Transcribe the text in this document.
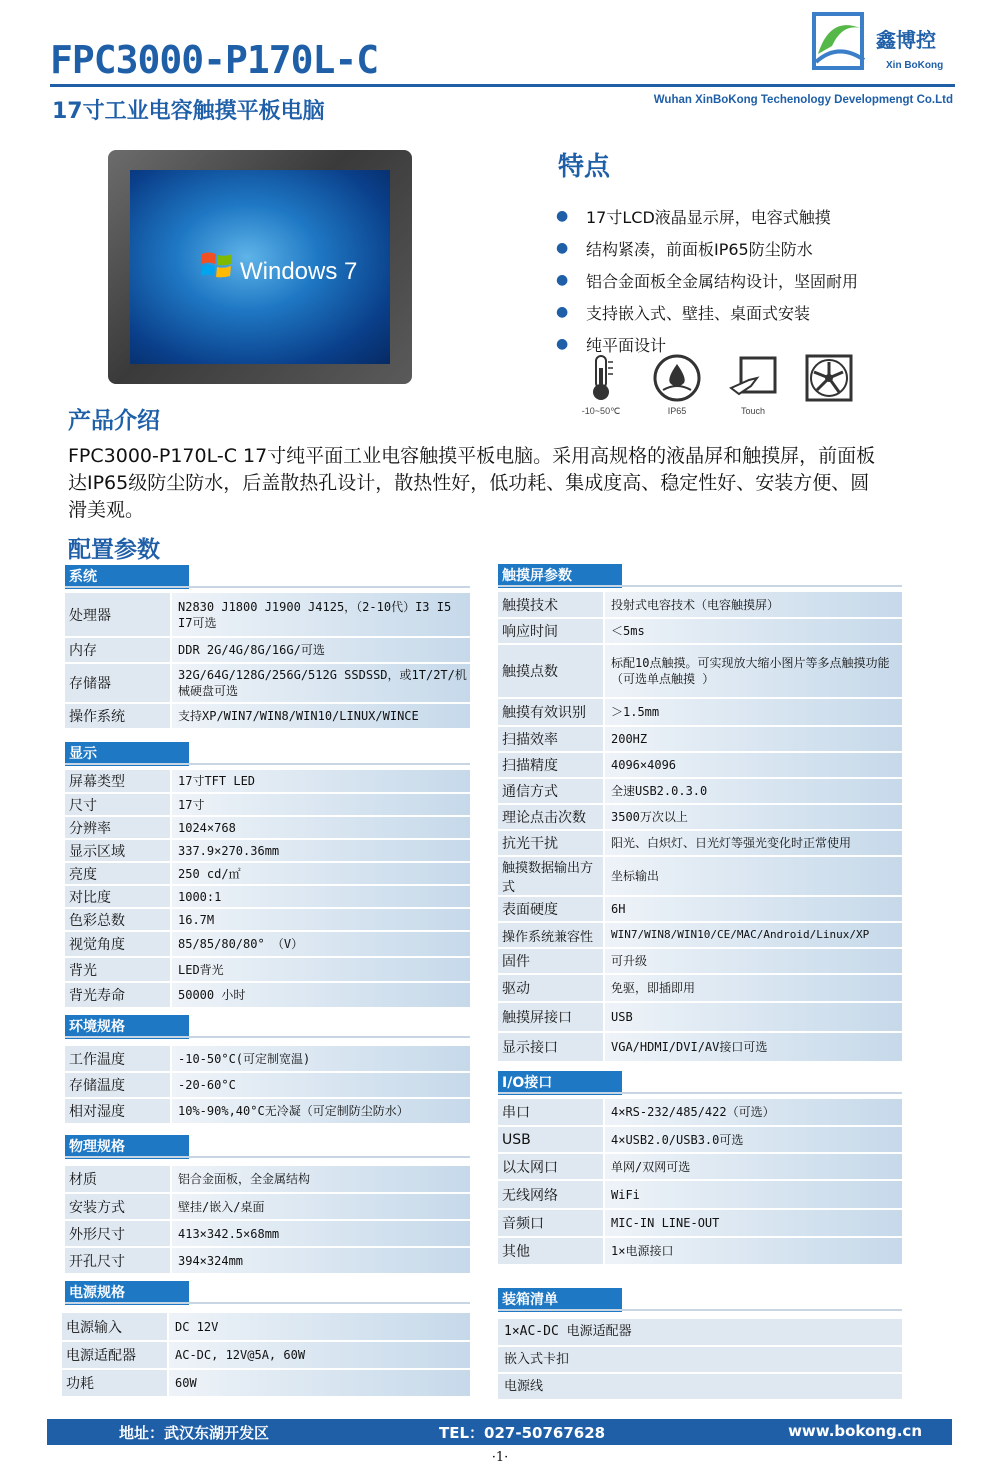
FPC3000-P170L-C
17寸工业电容触摸平板电脑	Wuhan XinBoKong Techenology Developmengt Co.Ltd
鑫博控
Xin BoKong
Windows 7
特点
●	17寸LCD液晶显示屏，电容式触摸
●	结构紧凑，前面板IP65防尘防水
●	铝合金面板全金属结构设计，坚固耐用
●	支持嵌入式、壁挂、桌面式安装
●	纯平面设计
-10~50℃	IP65	Touch
产品介绍
FPC3000-P170L-C 17寸纯平面工业电容触摸平板电脑。采用高规格的液晶屏和触摸屏，前面板达IP65级防尘防水，后盖散热孔设计，散热性好，低功耗、集成度高、稳定性好、安装方便、圆滑美观。
配置参数
系统
处理器	N2830 J1800 J1900 J4125，（2-10代）I3 I5 I7可选
内存	DDR 2G/4G/8G/16G/可选
存储器	32G/64G/128G/256G/512G SSDSSD，或1T/2T/机械硬盘可选
操作系统	支持XP/WIN7/WIN8/WIN10/LINUX/WINCE
显示
屏幕类型	17寸TFT LED
尺寸	17寸
分辨率	1024×768
显示区域	337.9×270.36mm
亮度	250 cd/㎡
对比度	1000:1
色彩总数	16.7M
视觉角度	85/85/80/80° （V）
背光	LED背光
背光寿命	50000 小时
环境规格
工作温度	-10-50°C(可定制宽温)
存储温度	-20-60°C
相对湿度	10%-90%,40°C无冷凝（可定制防尘防水）
物理规格
材质	铝合金面板，全金属结构
安装方式	壁挂/嵌入/桌面
外形尺寸	413×342.5×68mm
开孔尺寸	394×324mm
电源规格
电源输入	DC 12V
电源适配器	AC-DC, 12V@5A, 60W
功耗	60W
触摸屏参数
触摸技术	投射式电容技术（电容触摸屏）
响应时间	＜5ms
触摸点数	标配10点触摸。可实现放大缩小图片等多点触摸功能（可选单点触摸 ）
触摸有效识别	＞1.5mm
扫描效率	200HZ
扫描精度	4096×4096
通信方式	全速USB2.0.3.0
理论点击次数	3500万次以上
抗光干扰	阳光、白炽灯、日光灯等强光变化时正常使用
触摸数据输出方式	坐标输出
表面硬度	6H
操作系统兼容性	WIN7/WIN8/WIN10/CE/MAC/Android/Linux/XP
固件	可升级
驱动	免驱，即插即用
触摸屏接口	USB
显示接口	VGA/HDMI/DVI/AV接口可选
I/O接口
串口	4×RS-232/485/422（可选）
USB	4×USB2.0/USB3.0可选
以太网口	单网/双网可选
无线网络	WiFi
音频口	MIC-IN LINE-OUT
其他	1×电源接口
装箱清单
1×AC-DC 电源适配器
嵌入式卡扣
电源线
地址：武汉东湖开发区	TEL：027-50767628	www.bokong.cn
·1·
